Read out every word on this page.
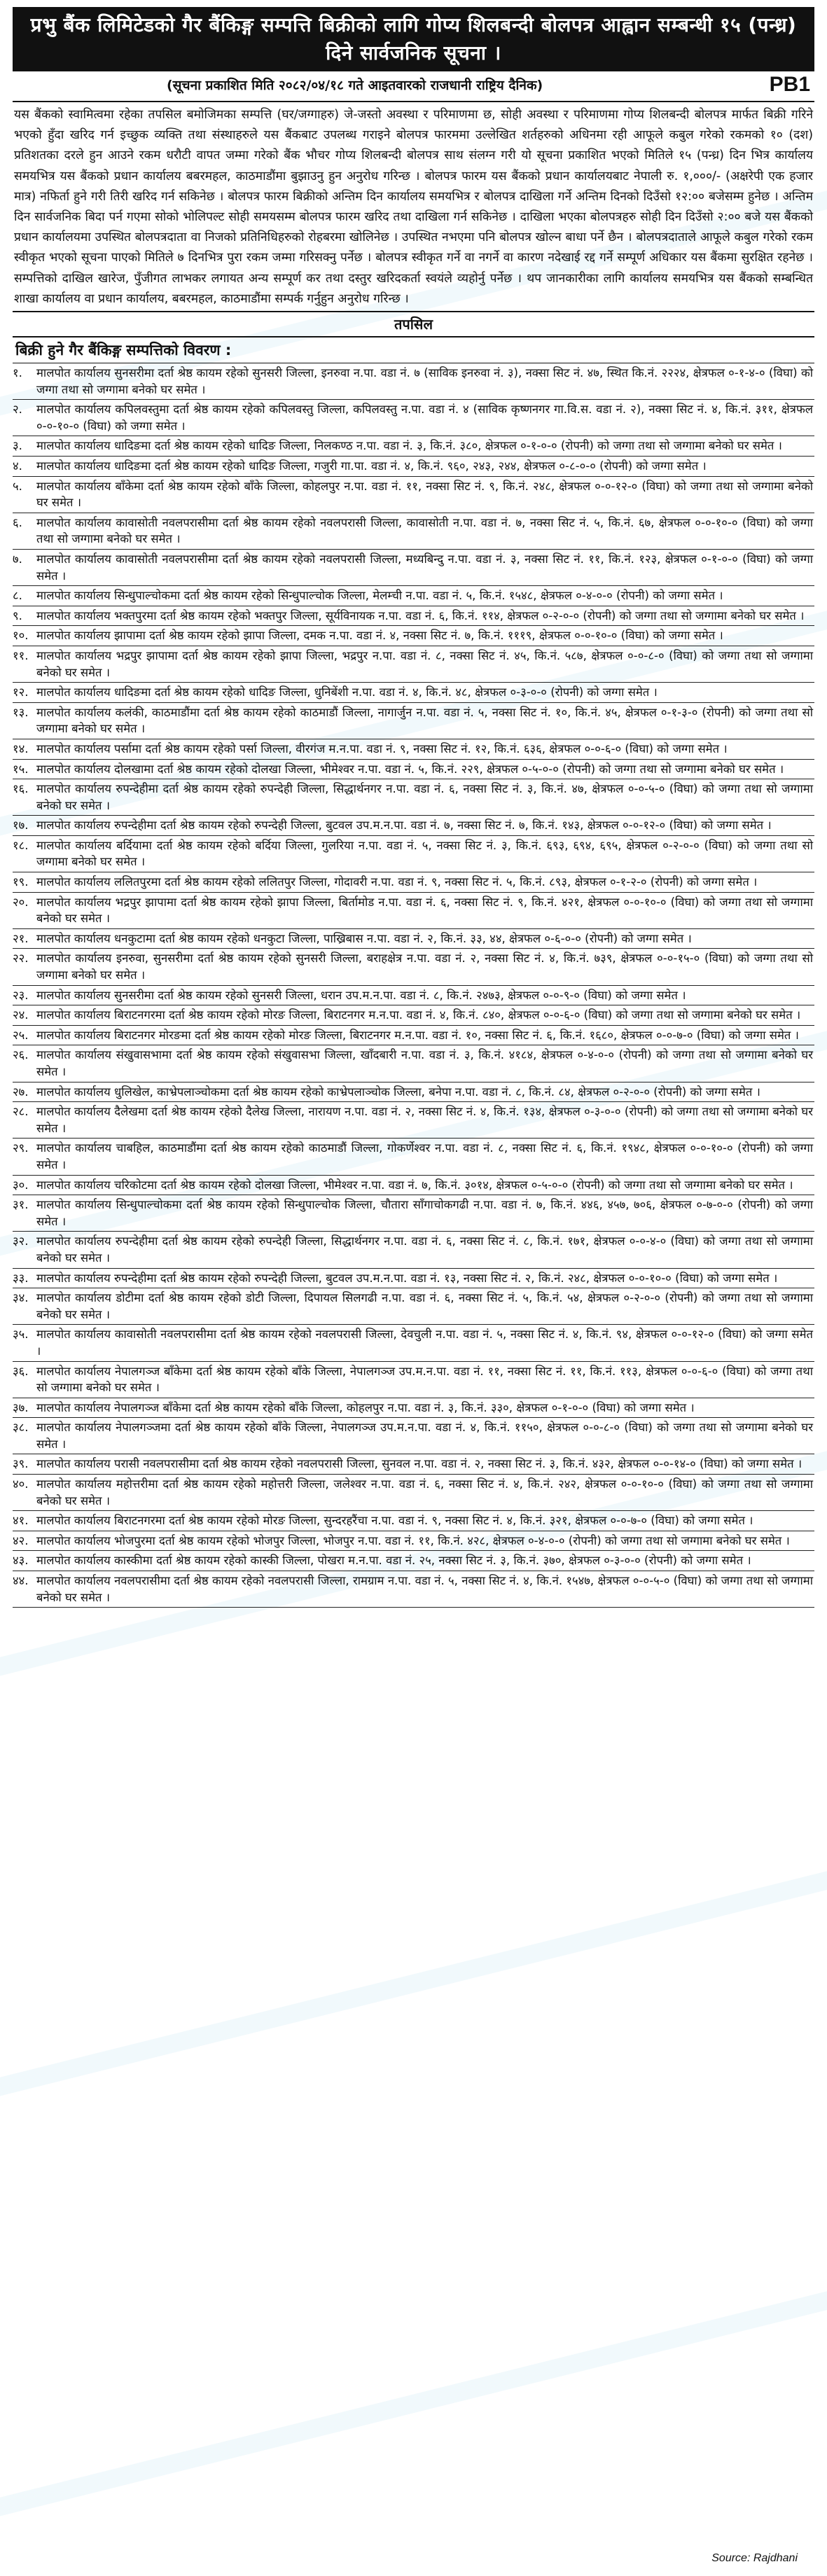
प्रभु बैंक लिमिटेडको गैर बैंकिङ्ग सम्पत्ति बिक्रीको लागि गोप्य शिलबन्दी बोलपत्र आह्वान सम्बन्धी १५ (पन्ध्र) दिने सार्वजनिक सूचना ।
(सूचना प्रकाशित मिति २०८२/०४/१८ गते आइतवारको राजधानी राष्ट्रिय दैनिक)	PB1
यस बैंकको स्वामित्वमा रहेका तपसिल बमोजिमका सम्पत्ति (घर/जग्गाहरु) जे-जस्तो अवस्था र परिमाणमा छ, सोही अवस्था र परिमाणमा गोप्य शिलबन्दी बोलपत्र मार्फत बिक्री गरिने भएको हुँदा खरिद गर्न इच्छुक व्यक्ति तथा संस्थाहरुले यस बैंकबाट उपलब्ध गराइने बोलपत्र फारममा उल्लेखित शर्तहरुको अधिनमा रही आफूले कबुल गरेको रकमको १० (दश) प्रतिशतका दरले हुन आउने रकम धरौटी वापत जम्मा गरेको बैंक भौचर गोप्य शिलबन्दी बोलपत्र साथ संलग्न गरी यो सूचना प्रकाशित भएको मितिले १५ (पन्ध्र) दिन भित्र कार्यालय समयभित्र यस बैंकको प्रधान कार्यालय बबरमहल, काठमाडौंमा बुझाउनु हुन अनुरोध गरिन्छ । बोलपत्र फारम यस बैंकको प्रधान कार्यालयबाट नेपाली रु. १,०००/- (अक्षरेपी एक हजार मात्र) नफिर्ता हुने गरी तिरी खरिद गर्न सकिनेछ । बोलपत्र फारम बिक्रीको अन्तिम दिन कार्यालय समयभित्र र बोलपत्र दाखिला गर्ने अन्तिम दिनको दिउँसो १२:०० बजेसम्म हुनेछ । अन्तिम दिन सार्वजनिक बिदा पर्न गएमा सोको भोलिपल्ट सोही समयसम्म बोलपत्र फारम खरिद तथा दाखिला गर्न सकिनेछ । दाखिला भएका बोलपत्रहरु सोही दिन दिउँसो २:०० बजे यस बैंकको प्रधान कार्यालयमा उपस्थित बोलपत्रदाता वा निजको प्रतिनिधिहरुको रोहबरमा खोलिनेछ । उपस्थित नभएमा पनि बोलपत्र खोल्न बाधा पर्ने छैन । बोलपत्रदाताले आफूले कबुल गरेको रकम स्वीकृत भएको सूचना पाएको मितिले ७ दिनभित्र पुरा रकम जम्मा गरिसक्नु पर्नेछ । बोलपत्र स्वीकृत गर्ने वा नगर्ने वा कारण नदेखाई रद्द गर्ने सम्पूर्ण अधिकार यस बैंकमा सुरक्षित रहनेछ । सम्पत्तिको दाखिल खारेज, पुँजीगत लाभकर लगायत अन्य सम्पूर्ण कर तथा दस्तुर खरिदकर्ता स्वयंले व्यहोर्नु पर्नेछ । थप जानकारीका लागि कार्यालय समयभित्र यस बैंकको सम्बन्धित शाखा कार्यालय वा प्रधान कार्यालय, बबरमहल, काठमाडौंमा सम्पर्क गर्नुहुन अनुरोध गरिन्छ ।
तपसिल
बिक्री हुने गैर बैंकिङ्ग सम्पत्तिको विवरण :
१.	मालपोत कार्यालय सुनसरीमा दर्ता श्रेष्ठ कायम रहेको सुनसरी जिल्ला, इनरुवा न.पा. वडा नं. ७ (साविक इनरुवा नं. ३), नक्सा सिट नं. ४७, स्थित कि.नं. २२२४, क्षेत्रफल ०-१-४-० (विघा) को जग्गा तथा सो जग्गामा बनेको घर समेत ।
२.	मालपोत कार्यालय कपिलवस्तुमा दर्ता श्रेष्ठ कायम रहेको कपिलवस्तु जिल्ला, कपिलवस्तु न.पा. वडा नं. ४ (साविक कृष्णनगर गा.वि.स. वडा नं. २), नक्सा सिट नं. ४, कि.नं. ३११, क्षेत्रफल ०-०-१०-० (विघा) को जग्गा समेत ।
३.	मालपोत कार्यालय धादिङमा दर्ता श्रेष्ठ कायम रहेको धादिङ जिल्ला, निलकण्ठ न.पा. वडा नं. ३, कि.नं. ३८०, क्षेत्रफल ०-१-०-० (रोपनी) को जग्गा तथा सो जग्गामा बनेको घर समेत ।
४.	मालपोत कार्यालय धादिङमा दर्ता श्रेष्ठ कायम रहेको धादिङ जिल्ला, गजुरी गा.पा. वडा नं. ४, कि.नं. ९६०, २४३, २४४, क्षेत्रफल ०-८-०-० (रोपनी) को जग्गा समेत ।
५.	मालपोत कार्यालय बाँकेमा दर्ता श्रेष्ठ कायम रहेको बाँके जिल्ला, कोहलपुर न.पा. वडा नं. ११, नक्सा सिट नं. ९, कि.नं. २४८, क्षेत्रफल ०-०-१२-० (विघा) को जग्गा तथा सो जग्गामा बनेको घर समेत ।
६.	मालपोत कार्यालय कावासोती नवलपरासीमा दर्ता श्रेष्ठ कायम रहेको नवलपरासी जिल्ला, कावासोती न.पा. वडा नं. ७, नक्सा सिट नं. ५, कि.नं. ६७, क्षेत्रफल ०-०-१०-० (विघा) को जग्गा तथा सो जग्गामा बनेको घर समेत ।
७.	मालपोत कार्यालय कावासोती नवलपरासीमा दर्ता श्रेष्ठ कायम रहेको नवलपरासी जिल्ला, मध्यबिन्दु न.पा. वडा नं. ३, नक्सा सिट नं. ११, कि.नं. १२३, क्षेत्रफल ०-१-०-० (विघा) को जग्गा समेत ।
८.	मालपोत कार्यालय सिन्धुपाल्चोकमा दर्ता श्रेष्ठ कायम रहेको सिन्धुपाल्चोक जिल्ला, मेलम्ची न.पा. वडा नं. ५, कि.नं. १५४८, क्षेत्रफल ०-४-०-० (रोपनी) को जग्गा समेत ।
९.	मालपोत कार्यालय भक्तपुरमा दर्ता श्रेष्ठ कायम रहेको भक्तपुर जिल्ला, सूर्यविनायक न.पा. वडा नं. ६, कि.नं. ११४, क्षेत्रफल ०-२-०-० (रोपनी) को जग्गा तथा सो जग्गामा बनेको घर समेत ।
१०. मालपोत कार्यालय झापामा दर्ता श्रेष्ठ कायम रहेको झापा जिल्ला, दमक न.पा. वडा नं. ४, नक्सा सिट नं. ७, कि.नं. १११९, क्षेत्रफल ०-०-१०-० (विघा) को जग्गा समेत ।
११. मालपोत कार्यालय भद्रपुर झापामा दर्ता श्रेष्ठ कायम रहेको झापा जिल्ला, भद्रपुर न.पा. वडा नं. ८, नक्सा सिट नं. ४५, कि.नं. ५८७, क्षेत्रफल ०-०-८-० (विघा) को जग्गा तथा सो जग्गामा बनेको घर समेत ।
१२. मालपोत कार्यालय धादिङमा दर्ता श्रेष्ठ कायम रहेको धादिङ जिल्ला, धुनिबेंशी न.पा. वडा नं. ४, कि.नं. ४८, क्षेत्रफल ०-३-०-० (रोपनी) को जग्गा समेत ।
१३. मालपोत कार्यालय कलंकी, काठमाडौंमा दर्ता श्रेष्ठ कायम रहेको काठमाडौं जिल्ला, नागार्जुन न.पा. वडा नं. ५, नक्सा सिट नं. १०, कि.नं. ४५, क्षेत्रफल ०-१-३-० (रोपनी) को जग्गा तथा सो जग्गामा बनेको घर समेत ।
१४. मालपोत कार्यालय पर्सामा दर्ता श्रेष्ठ कायम रहेको पर्सा जिल्ला, वीरगंज म.न.पा. वडा नं. ९, नक्सा सिट नं. १२, कि.नं. ६३६, क्षेत्रफल ०-०-६-० (विघा) को जग्गा समेत ।
१५. मालपोत कार्यालय दोलखामा दर्ता श्रेष्ठ कायम रहेको दोलखा जिल्ला, भीमेश्वर न.पा. वडा नं. ५, कि.नं. २२९, क्षेत्रफल ०-५-०-० (रोपनी) को जग्गा तथा सो जग्गामा बनेको घर समेत ।
१६. मालपोत कार्यालय रुपन्देहीमा दर्ता श्रेष्ठ कायम रहेको रुपन्देही जिल्ला, सिद्धार्थनगर न.पा. वडा नं. ६, नक्सा सिट नं. ३, कि.नं. ४७, क्षेत्रफल ०-०-५-० (विघा) को जग्गा तथा सो जग्गामा बनेको घर समेत ।
१७. मालपोत कार्यालय रुपन्देहीमा दर्ता श्रेष्ठ कायम रहेको रुपन्देही जिल्ला, बुटवल उप.म.न.पा. वडा नं. ७, नक्सा सिट नं. ७, कि.नं. १४३, क्षेत्रफल ०-०-१२-० (विघा) को जग्गा समेत ।
१८. मालपोत कार्यालय बर्दियामा दर्ता श्रेष्ठ कायम रहेको बर्दिया जिल्ला, गुलरिया न.पा. वडा नं. ५, नक्सा सिट नं. ३, कि.नं. ६९३, ६९४, ६९५, क्षेत्रफल ०-२-०-० (विघा) को जग्गा तथा सो जग्गामा बनेको घर समेत ।
१९. मालपोत कार्यालय ललितपुरमा दर्ता श्रेष्ठ कायम रहेको ललितपुर जिल्ला, गोदावरी न.पा. वडा नं. ९, नक्सा सिट नं. ५, कि.नं. ८९३, क्षेत्रफल ०-१-२-० (रोपनी) को जग्गा समेत ।
२०. मालपोत कार्यालय भद्रपुर झापामा दर्ता श्रेष्ठ कायम रहेको झापा जिल्ला, बिर्तामोड न.पा. वडा नं. ६, नक्सा सिट नं. ९, कि.नं. ४२१, क्षेत्रफल ०-०-१०-० (विघा) को जग्गा तथा सो जग्गामा बनेको घर समेत ।
२१. मालपोत कार्यालय धनकुटामा दर्ता श्रेष्ठ कायम रहेको धनकुटा जिल्ला, पाख्रिबास न.पा. वडा नं. २, कि.नं. ३३, ४४, क्षेत्रफल ०-६-०-० (रोपनी) को जग्गा समेत ।
२२. मालपोत कार्यालय इनरुवा, सुनसरीमा दर्ता श्रेष्ठ कायम रहेको सुनसरी जिल्ला, बराहक्षेत्र न.पा. वडा नं. २, नक्सा सिट नं. ४, कि.नं. ७३९, क्षेत्रफल ०-०-१५-० (विघा) को जग्गा तथा सो जग्गामा बनेको घर समेत ।
२३. मालपोत कार्यालय सुनसरीमा दर्ता श्रेष्ठ कायम रहेको सुनसरी जिल्ला, धरान उप.म.न.पा. वडा नं. ८, कि.नं. २४७३, क्षेत्रफल ०-०-९-० (विघा) को जग्गा समेत ।
२४. मालपोत कार्यालय बिराटनगरमा दर्ता श्रेष्ठ कायम रहेको मोरङ जिल्ला, बिराटनगर म.न.पा. वडा नं. ४, कि.नं. ८४०, क्षेत्रफल ०-०-६-० (विघा) को जग्गा तथा सो जग्गामा बनेको घर समेत ।
२५. मालपोत कार्यालय बिराटनगर मोरङमा दर्ता श्रेष्ठ कायम रहेको मोरङ जिल्ला, बिराटनगर म.न.पा. वडा नं. १०, नक्सा सिट नं. ६, कि.नं. १६८०, क्षेत्रफल ०-०-७-० (विघा) को जग्गा समेत ।
२६. मालपोत कार्यालय संखुवासभामा दर्ता श्रेष्ठ कायम रहेको संखुवासभा जिल्ला, खाँदबारी न.पा. वडा नं. ३, कि.नं. ४१८४, क्षेत्रफल ०-४-०-० (रोपनी) को जग्गा तथा सो जग्गामा बनेको घर समेत ।
२७. मालपोत कार्यालय धुलिखेल, काभ्रेपलाञ्चोकमा दर्ता श्रेष्ठ कायम रहेको काभ्रेपलाञ्चोक जिल्ला, बनेपा न.पा. वडा नं. ८, कि.नं. ८४, क्षेत्रफल ०-२-०-० (रोपनी) को जग्गा समेत ।
२८. मालपोत कार्यालय दैलेखमा दर्ता श्रेष्ठ कायम रहेको दैलेख जिल्ला, नारायण न.पा. वडा नं. २, नक्सा सिट नं. ४, कि.नं. १३४, क्षेत्रफल ०-३-०-० (रोपनी) को जग्गा तथा सो जग्गामा बनेको घर समेत ।
२९. मालपोत कार्यालय चाबहिल, काठमाडौंमा दर्ता श्रेष्ठ कायम रहेको काठमाडौं जिल्ला, गोकर्णेश्वर न.पा. वडा नं. ८, नक्सा सिट नं. ६, कि.नं. १९४८, क्षेत्रफल ०-०-१०-० (रोपनी) को जग्गा समेत ।
३०. मालपोत कार्यालय चरिकोटमा दर्ता श्रेष्ठ कायम रहेको दोलखा जिल्ला, भीमेश्वर न.पा. वडा नं. ७, कि.नं. ३०१४, क्षेत्रफल ०-५-०-० (रोपनी) को जग्गा तथा सो जग्गामा बनेको घर समेत ।
३१. मालपोत कार्यालय सिन्धुपाल्चोकमा दर्ता श्रेष्ठ कायम रहेको सिन्धुपाल्चोक जिल्ला, चौतारा साँगाचोकगढी न.पा. वडा नं. ७, कि.नं. ४४६, ४५७, ७०६, क्षेत्रफल ०-७-०-० (रोपनी) को जग्गा समेत ।
३२. मालपोत कार्यालय रुपन्देहीमा दर्ता श्रेष्ठ कायम रहेको रुपन्देही जिल्ला, सिद्धार्थनगर न.पा. वडा नं. ६, नक्सा सिट नं. ८, कि.नं. १७१, क्षेत्रफल ०-०-४-० (विघा) को जग्गा तथा सो जग्गामा बनेको घर समेत ।
३३. मालपोत कार्यालय रुपन्देहीमा दर्ता श्रेष्ठ कायम रहेको रुपन्देही जिल्ला, बुटवल उप.म.न.पा. वडा नं. १३, नक्सा सिट नं. २, कि.नं. २४८, क्षेत्रफल ०-०-१०-० (विघा) को जग्गा समेत ।
३४. मालपोत कार्यालय डोटीमा दर्ता श्रेष्ठ कायम रहेको डोटी जिल्ला, दिपायल सिलगढी न.पा. वडा नं. ६, नक्सा सिट नं. ५, कि.नं. ५४, क्षेत्रफल ०-२-०-० (रोपनी) को जग्गा तथा सो जग्गामा बनेको घर समेत ।
३५. मालपोत कार्यालय कावासोती नवलपरासीमा दर्ता श्रेष्ठ कायम रहेको नवलपरासी जिल्ला, देवचुली न.पा. वडा नं. ५, नक्सा सिट नं. ४, कि.नं. ९४, क्षेत्रफल ०-०-१२-० (विघा) को जग्गा समेत ।
३६. मालपोत कार्यालय नेपालगञ्ज बाँकेमा दर्ता श्रेष्ठ कायम रहेको बाँके जिल्ला, नेपालगञ्ज उप.म.न.पा. वडा नं. ११, नक्सा सिट नं. ११, कि.नं. ११३, क्षेत्रफल ०-०-६-० (विघा) को जग्गा तथा सो जग्गामा बनेको घर समेत ।
३७. मालपोत कार्यालय नेपालगञ्ज बाँकेमा दर्ता श्रेष्ठ कायम रहेको बाँके जिल्ला, कोहलपुर न.पा. वडा नं. ३, कि.नं. ३३०, क्षेत्रफल ०-१-०-० (विघा) को जग्गा समेत ।
३८. मालपोत कार्यालय नेपालगञ्जमा दर्ता श्रेष्ठ कायम रहेको बाँके जिल्ला, नेपालगञ्ज उप.म.न.पा. वडा नं. ४, कि.नं. ११५०, क्षेत्रफल ०-०-८-० (विघा) को जग्गा तथा सो जग्गामा बनेको घर समेत ।
३९. मालपोत कार्यालय परासी नवलपरासीमा दर्ता श्रेष्ठ कायम रहेको नवलपरासी जिल्ला, सुनवल न.पा. वडा नं. २, नक्सा सिट नं. ३, कि.नं. ४३२, क्षेत्रफल ०-०-१४-० (विघा) को जग्गा समेत ।
४०. मालपोत कार्यालय महोत्तरीमा दर्ता श्रेष्ठ कायम रहेको महोत्तरी जिल्ला, जलेश्वर न.पा. वडा नं. ६, नक्सा सिट नं. ४, कि.नं. २४२, क्षेत्रफल ०-०-१०-० (विघा) को जग्गा तथा सो जग्गामा बनेको घर समेत ।
४१. मालपोत कार्यालय बिराटनगरमा दर्ता श्रेष्ठ कायम रहेको मोरङ जिल्ला, सुन्दरहरैंचा न.पा. वडा नं. ९, नक्सा सिट नं. ४, कि.नं. ३२१, क्षेत्रफल ०-०-७-० (विघा) को जग्गा समेत ।
४२. मालपोत कार्यालय भोजपुरमा दर्ता श्रेष्ठ कायम रहेको भोजपुर जिल्ला, भोजपुर न.पा. वडा नं. ११, कि.नं. ४२८, क्षेत्रफल ०-४-०-० (रोपनी) को जग्गा तथा सो जग्गामा बनेको घर समेत ।
४३. मालपोत कार्यालय कास्कीमा दर्ता श्रेष्ठ कायम रहेको कास्की जिल्ला, पोखरा म.न.पा. वडा नं. २५, नक्सा सिट नं. ३, कि.नं. ३७०, क्षेत्रफल ०-३-०-० (रोपनी) को जग्गा समेत ।
४४. मालपोत कार्यालय नवलपरासीमा दर्ता श्रेष्ठ कायम रहेको नवलपरासी जिल्ला, रामग्राम न.पा. वडा नं. ५, नक्सा सिट नं. ४, कि.नं. १५४७, क्षेत्रफल ०-०-५-० (विघा) को जग्गा तथा सो जग्गामा बनेको घर समेत ।
Source: Rajdhani
